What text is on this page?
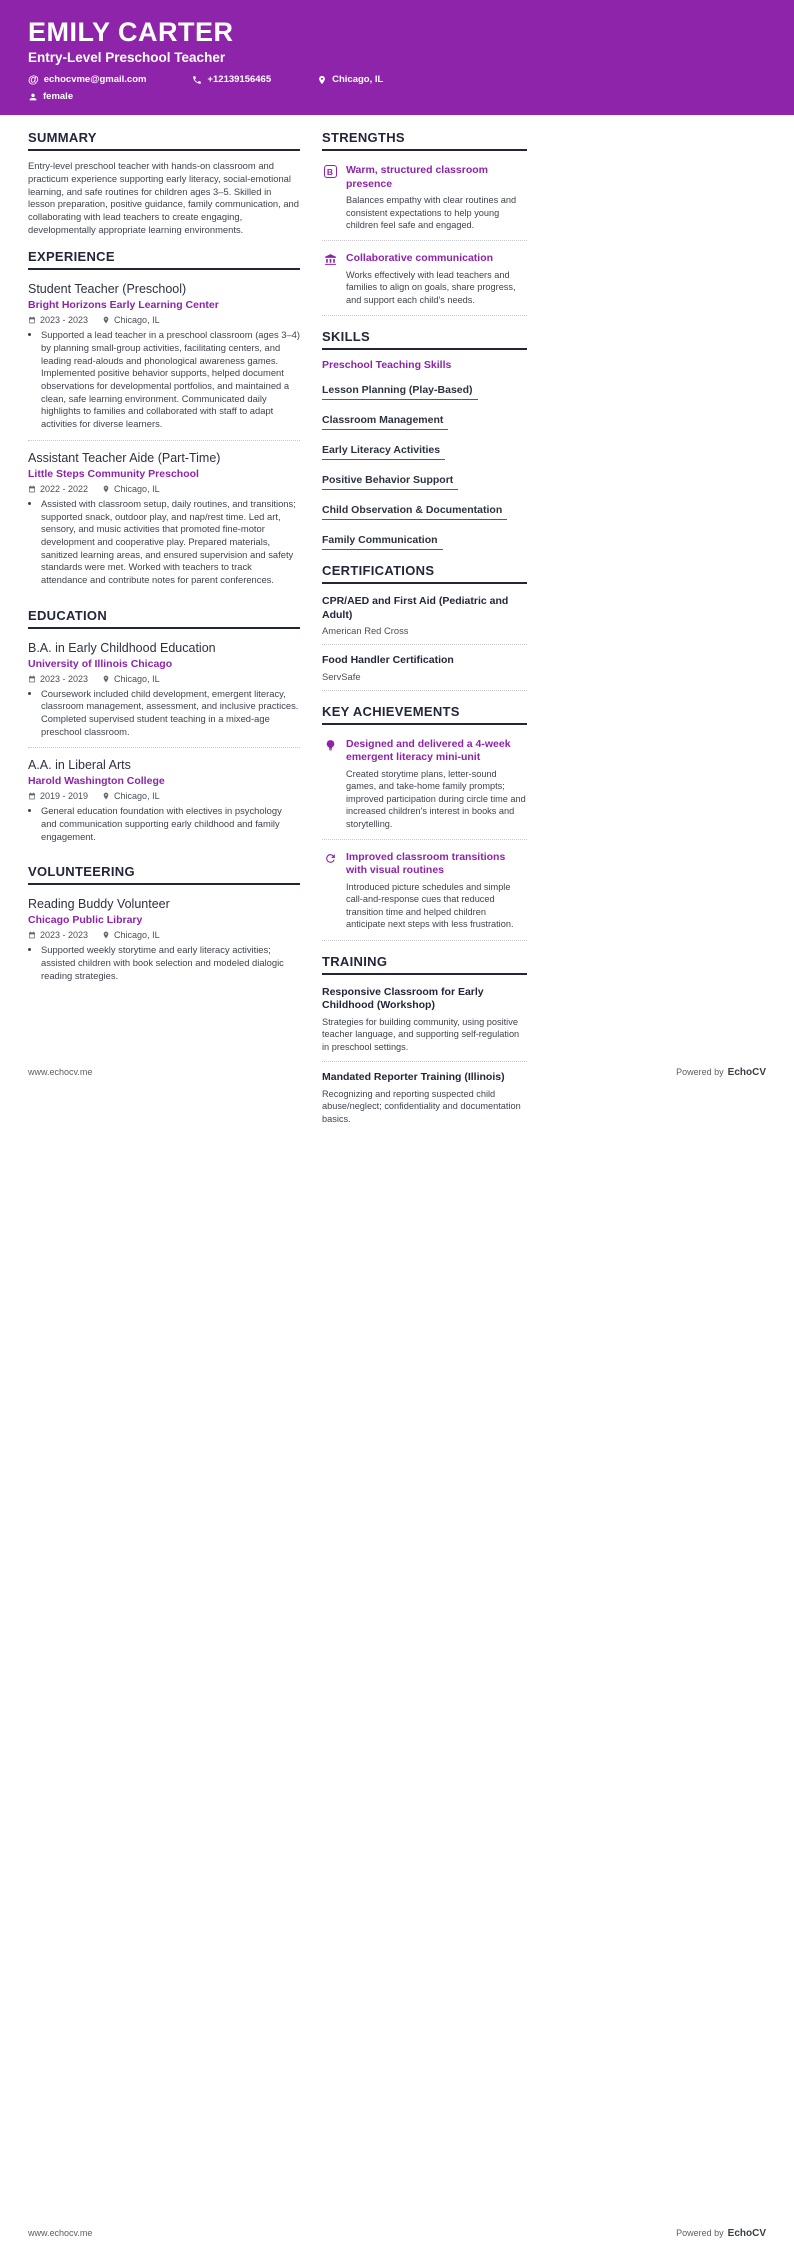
EMILY CARTER
Entry-Level Preschool Teacher
@ echocvme@gmail.com	+12139156465	Chicago, IL
female
SUMMARY

Entry-level preschool teacher with hands-on classroom and practicum experience supporting early literacy, social-emotional learning, and safe routines for children ages 3–5. Skilled in lesson preparation, positive guidance, family communication, and collaborating with lead teachers to create engaging, developmentally appropriate learning environments.

EXPERIENCE
Student Teacher (Preschool)
Bright Horizons Early Learning Center
2023 - 2023	Chicago, IL
• Supported a lead teacher in a preschool classroom (ages 3–4) by planning small-group activities, facilitating centers, and leading read-alouds and phonological awareness games. Implemented positive behavior supports, helped document observations for developmental portfolios, and maintained a clean, safe learning environment. Communicated daily highlights to families and collaborated with staff to adapt activities for diverse learners.
Assistant Teacher Aide (Part-Time)
Little Steps Community Preschool
2022 - 2022	Chicago, IL
• Assisted with classroom setup, daily routines, and transitions; supported snack, outdoor play, and nap/rest time. Led art, sensory, and music activities that promoted fine-motor development and cooperative play. Prepared materials, sanitized learning areas, and ensured supervision and safety standards were met. Worked with teachers to track attendance and contribute notes for parent conferences.
EDUCATION
B.A. in Early Childhood Education
University of Illinois Chicago
2023 - 2023	Chicago, IL
• Coursework included child development, emergent literacy, classroom management, assessment, and inclusive practices. Completed supervised student teaching in a mixed-age preschool classroom.
A.A. in Liberal Arts
Harold Washington College
2019 - 2019	Chicago, IL
• General education foundation with electives in psychology and communication supporting early childhood and family engagement.
VOLUNTEERING
Reading Buddy Volunteer
Chicago Public Library
2023 - 2023	Chicago, IL
• Supported weekly storytime and early literacy activities; assisted children with book selection and modeled dialogic reading strategies.
STRENGTHS
B	Warm, structured classroom presence
Balances empathy with clear routines and consistent expectations to help young children feel safe and engaged.
Collaborative communication
Works effectively with lead teachers and families to align on goals, share progress, and support each child's needs.
SKILLS
Preschool Teaching Skills
Lesson Planning (Play-Based)
Classroom Management
Early Literacy Activities
Positive Behavior Support
Child Observation & Documentation
Family Communication
CERTIFICATIONS
CPR/AED and First Aid (Pediatric and Adult)
American Red Cross
Food Handler Certification
ServSafe
KEY ACHIEVEMENTS
Designed and delivered a 4-week emergent literacy mini-unit
Created storytime plans, letter-sound games, and take-home family prompts; improved participation during circle time and increased children's interest in books and storytelling.
Improved classroom transitions with visual routines
Introduced picture schedules and simple call-and-response cues that reduced transition time and helped children anticipate next steps with less frustration.
TRAINING
Responsive Classroom for Early Childhood (Workshop)
Strategies for building community, using positive teacher language, and supporting self-regulation in preschool settings.
Mandated Reporter Training (Illinois)
Recognizing and reporting suspected child abuse/neglect; confidentiality and documentation basics.
www.echocv.me	Powered by EchoCV
www.echocv.me	Powered by EchoCV
